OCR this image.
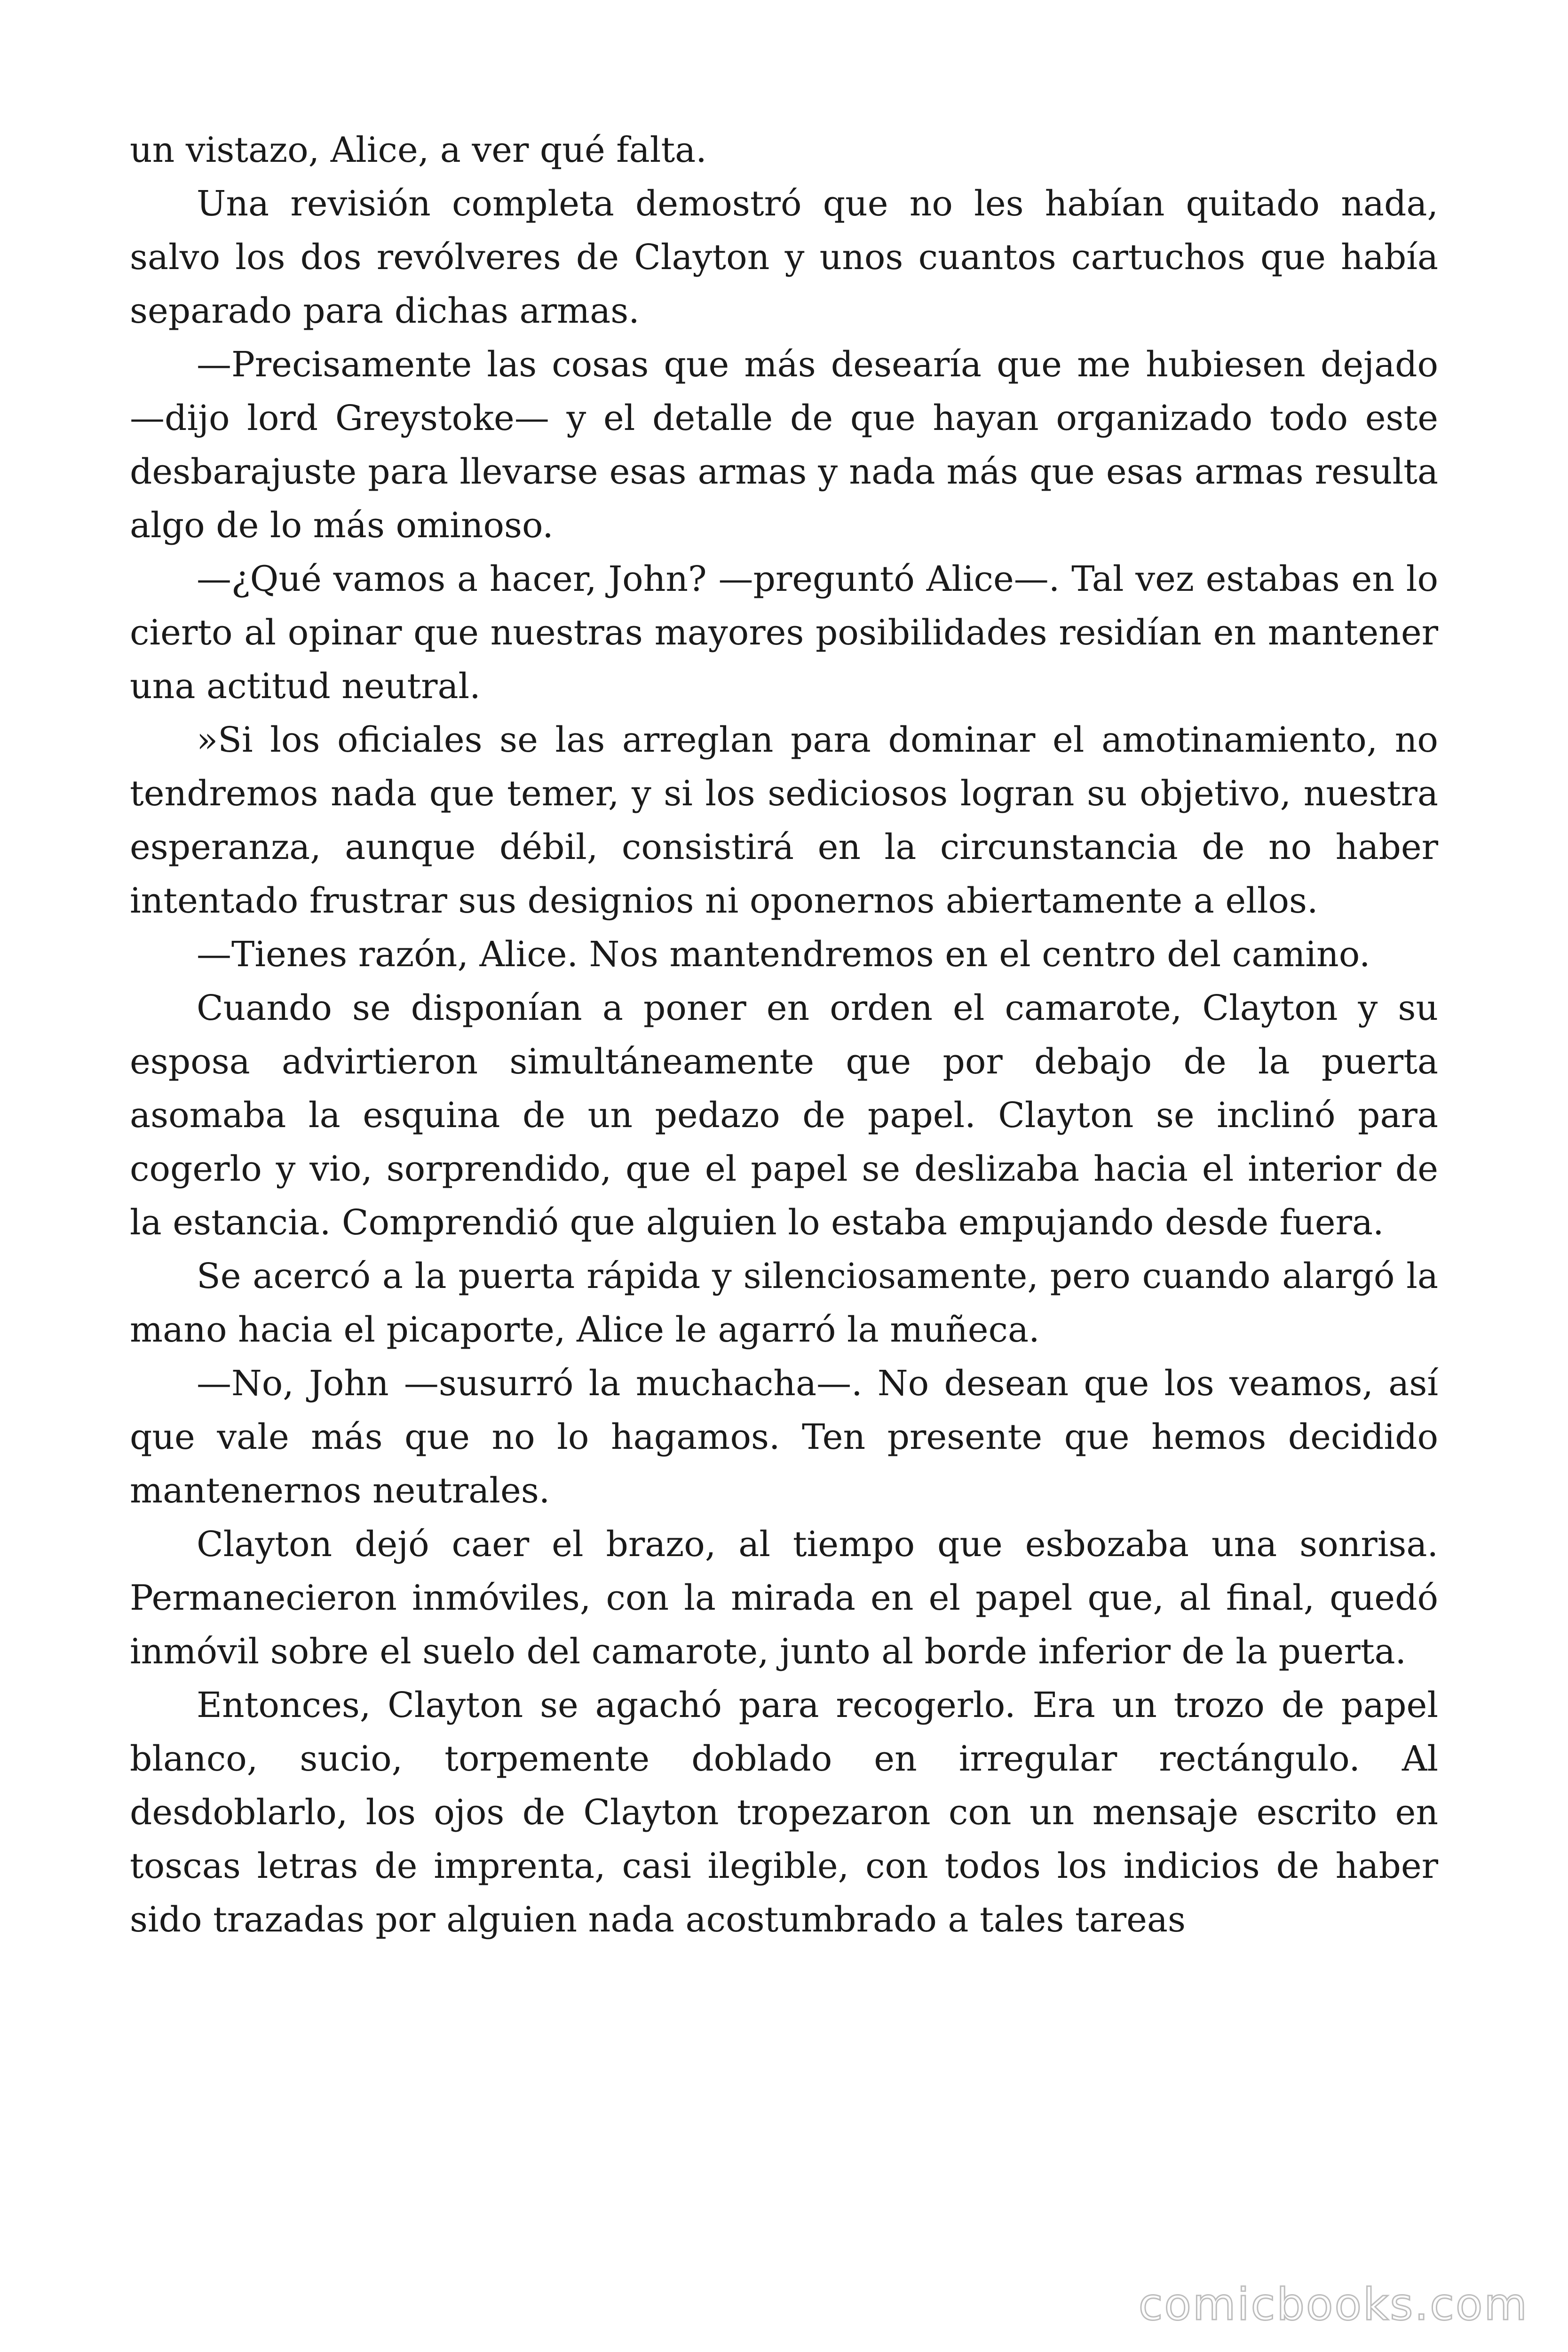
un vistazo, Alice, a ver qué falta.

Una revisión completa demostró que no les habían quitado nada, salvo los dos revólveres de Clayton y unos cuantos cartuchos que había separado para dichas armas.

—Precisamente las cosas que más desearía que me hubiesen dejado —dijo lord Greystoke— y el detalle de que hayan organizado todo este desbarajuste para llevarse esas armas y nada más que esas armas resulta algo de lo más ominoso.

—¿Qué vamos a hacer, John? —preguntó Alice—. Tal vez estabas en lo cierto al opinar que nuestras mayores posibilidades residían en mantener una actitud neutral.

»Si los oficiales se las arreglan para dominar el amotinamiento, no tendremos nada que temer, y si los sediciosos logran su objetivo, nuestra esperanza, aunque débil, consistirá en la circunstancia de no haber intentado frustrar sus designios ni oponernos abiertamente a ellos.

—Tienes razón, Alice. Nos mantendremos en el centro del camino.

Cuando se disponían a poner en orden el camarote, Clayton y su esposa advirtieron simultáneamente que por debajo de la puerta asomaba la esquina de un pedazo de papel. Clayton se inclinó para cogerlo y vio, sorprendido, que el papel se deslizaba hacia el interior de la estancia. Comprendió que alguien lo estaba empujando desde fuera.

Se acercó a la puerta rápida y silenciosamente, pero cuando alargó la mano hacia el picaporte, Alice le agarró la muñeca.

—No, John —susurró la muchacha—. No desean que los veamos, así que vale más que no lo hagamos. Ten presente que hemos decidido mantenernos neutrales.

Clayton dejó caer el brazo, al tiempo que esbozaba una sonrisa. Permanecieron inmóviles, con la mirada en el papel que, al final, quedó inmóvil sobre el suelo del camarote, junto al borde inferior de la puerta.

Entonces, Clayton se agachó para recogerlo. Era un trozo de papel blanco, sucio, torpemente doblado en irregular rectángulo. Al desdoblarlo, los ojos de Clayton tropezaron con un mensaje escrito en toscas letras de imprenta, casi ilegible, con todos los indicios de haber sido trazadas por alguien nada acostumbrado a tales tareas

comicbooks.com
